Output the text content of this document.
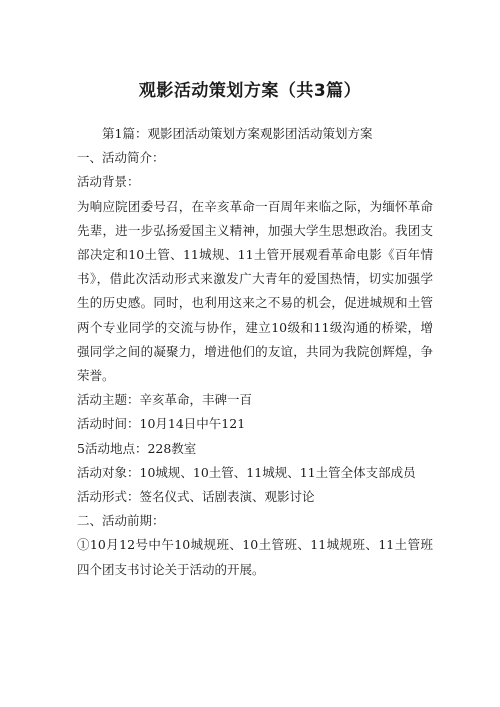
观影活动策划方案（共3篇）

第1篇：观影团活动策划方案观影团活动策划方案

一、活动简介：

活动背景：

为响应院团委号召，在辛亥革命一百周年来临之际，为缅怀革命先辈，进一步弘扬爱国主义精神，加强大学生思想政治。我团支部决定和10土管、11城规、11土管开展观看革命电影《百年情书》，借此次活动形式来激发广大青年的爱国热情，切实加强学生的历史感。同时，也利用这来之不易的机会，促进城规和土管两个专业同学的交流与协作，建立10级和11级沟通的桥梁，增强同学之间的凝聚力，增进他们的友谊，共同为我院创辉煌，争荣誉。

活动主题：辛亥革命，丰碑一百

活动时间：10月14日中午121

5活动地点：228教室

活动对象：10城规、10土管、11城规、11土管全体支部成员

活动形式：签名仪式、话剧表演、观影讨论

二、活动前期：

①10月12号中午10城规班、10土管班、11城规班、11土管班四个团支书讨论关于活动的开展。
